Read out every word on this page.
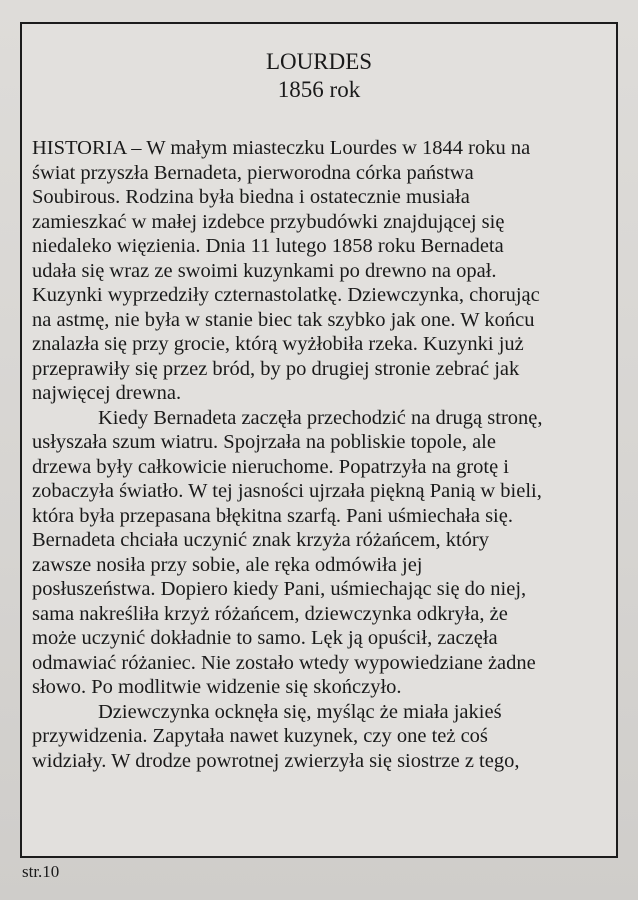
LOURDES
1856 rok
HISTORIA – W małym miasteczku Lourdes w 1844 roku na
świat przyszła Bernadeta, pierworodna córka państwa
Soubirous. Rodzina była biedna i ostatecznie musiała
zamieszkać w małej izdebce przybudówki znajdującej się
niedaleko więzienia. Dnia 11 lutego 1858 roku Bernadeta
udała się wraz ze swoimi kuzynkami po drewno na opał.
Kuzynki wyprzedziły czternastolatkę. Dziewczynka, chorując
na astmę, nie była w stanie biec tak szybko jak one. W końcu
znalazła się przy grocie, którą wyżłobiła rzeka. Kuzynki już
przeprawiły się przez bród, by po drugiej stronie zebrać jak
najwięcej drewna.
Kiedy Bernadeta zaczęła przechodzić na drugą stronę,
usłyszała szum wiatru. Spojrzała na pobliskie topole, ale
drzewa były całkowicie nieruchome. Popatrzyła na grotę i
zobaczyła światło. W tej jasności ujrzała piękną Panią w bieli,
która była przepasana błękitna szarfą. Pani uśmiechała się.
Bernadeta chciała uczynić znak krzyża różańcem, który
zawsze nosiła przy sobie, ale ręka odmówiła jej
posłuszeństwa. Dopiero kiedy Pani, uśmiechając się do niej,
sama nakreśliła krzyż różańcem, dziewczynka odkryła, że
może uczynić dokładnie to samo. Lęk ją opuścił, zaczęła
odmawiać różaniec. Nie zostało wtedy wypowiedziane żadne
słowo. Po modlitwie widzenie się skończyło.
Dziewczynka ocknęła się, myśląc że miała jakieś
przywidzenia. Zapytała nawet kuzynek, czy one też coś
widziały. W drodze powrotnej zwierzyła się siostrze z tego,
str.10
